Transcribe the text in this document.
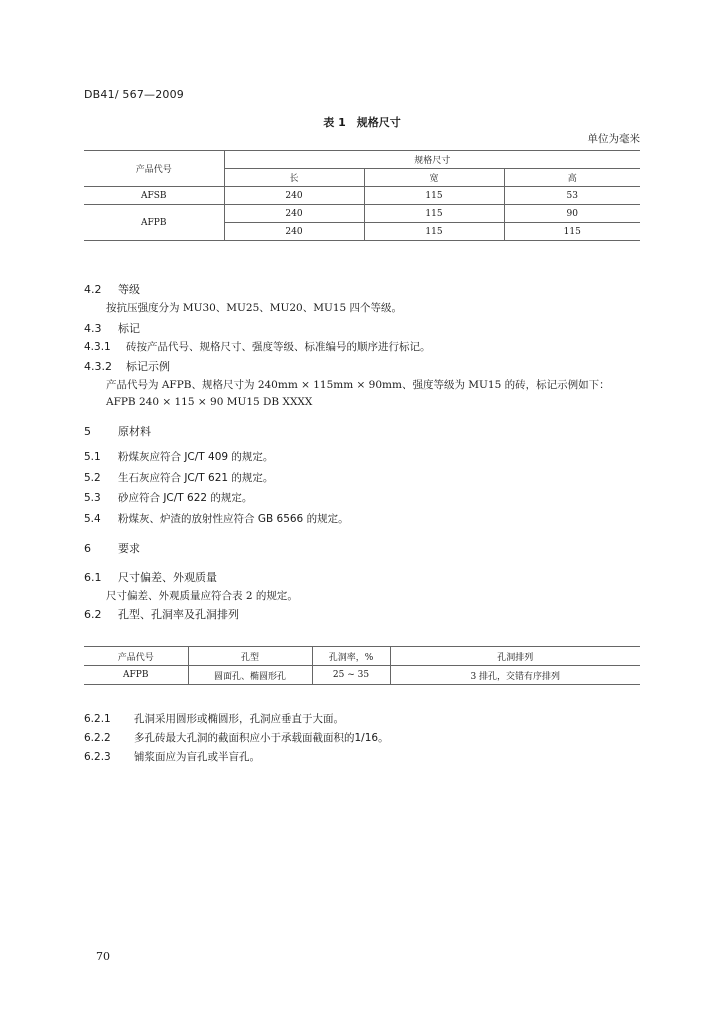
DB41/ 567—2009
表 1　规格尺寸
单位为毫米
产品代号	规格尺寸		
	长	宽	高
AFSB	240	115	53
AFPB	240	115	90
	240	115	115
4.2 等级
按抗压强度分为 MU30、MU25、MU20、MU15 四个等级。
4.3 标记
4.3.1 砖按产品代号、规格尺寸、强度等级、标准编号的顺序进行标记。
4.3.2 标记示例
产品代号为 AFPB、规格尺寸为 240mm × 115mm × 90mm、强度等级为 MU15 的砖，标记示例如下：
AFPB 240 × 115 × 90 MU15 DB XXXX
5 原材料
5.1 粉煤灰应符合 JC/T 409 的规定。
5.2 生石灰应符合 JC/T 621 的规定。
5.3 砂应符合 JC/T 622 的规定。
5.4 粉煤灰、炉渣的放射性应符合 GB 6566 的规定。
6 要求
6.1 尺寸偏差、外观质量
尺寸偏差、外观质量应符合表 2 的规定。
6.2 孔型、孔洞率及孔洞排列
产品代号	孔型	孔洞率，%	孔洞排列
AFPB	圆面孔、椭圆形孔	25 ~ 35	3 排孔，交错有序排列
6.2.1 孔洞采用圆形或椭圆形，孔洞应垂直于大面。
6.2.2 多孔砖最大孔洞的截面积应小于承载面截面积的1/16。
6.2.3 铺浆面应为盲孔或半盲孔。
70
